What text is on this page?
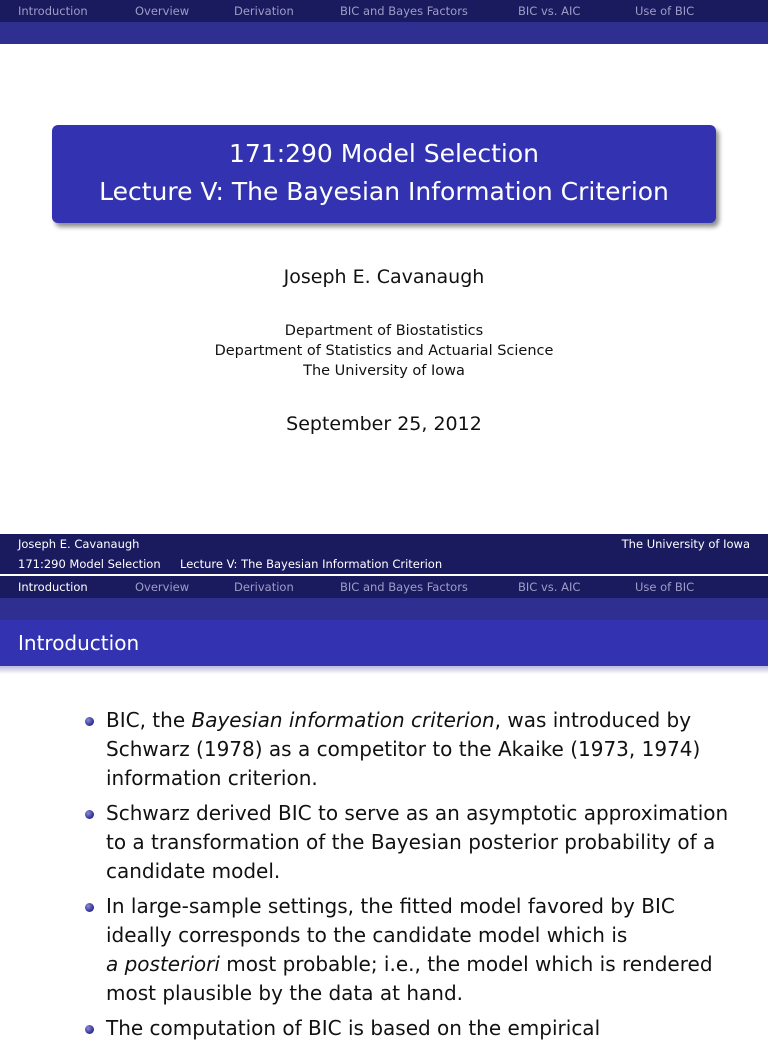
Introduction	Overview	Derivation	BIC and Bayes Factors	BIC vs. AIC	Use of BIC
171:290 Model Selection
Lecture V: The Bayesian Information Criterion
Joseph E. Cavanaugh
Department of Biostatistics
Department of Statistics and Actuarial Science
The University of Iowa
September 25, 2012
Joseph E. Cavanaugh	The University of Iowa
171:290 Model Selection Lecture V: The Bayesian Information Criterion
Introduction	Overview	Derivation	BIC and Bayes Factors	BIC vs. AIC	Use of BIC
Introduction
BIC, the Bayesian information criterion, was introduced by
Schwarz (1978) as a competitor to the Akaike (1973, 1974)
information criterion.
Schwarz derived BIC to serve as an asymptotic approximation
to a transformation of the Bayesian posterior probability of a
candidate model.
In large-sample settings, the fitted model favored by BIC
ideally corresponds to the candidate model which is
a posteriori most probable; i.e., the model which is rendered
most plausible by the data at hand.
The computation of BIC is based on the empirical
